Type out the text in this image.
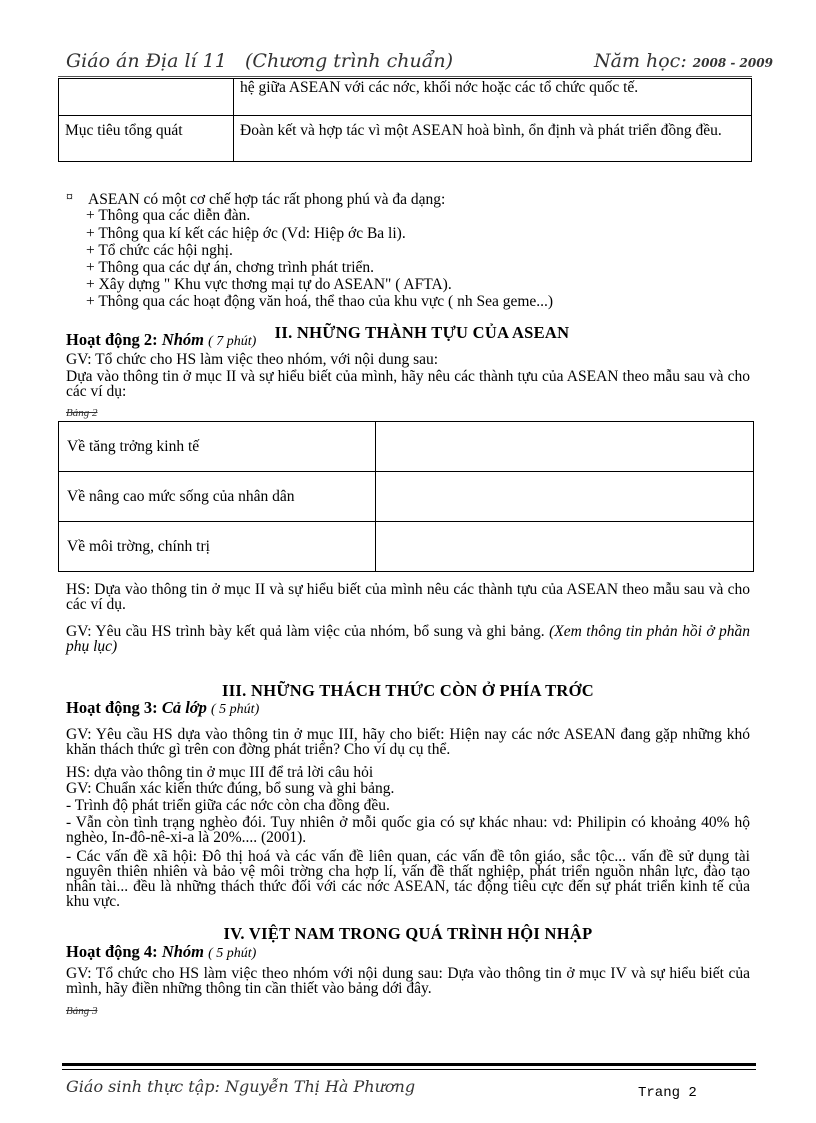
Giáo án Địa lí 11 (Chương trình chuẩn)	Năm học: 2008 - 2009
	hệ giữa ASEAN với các nớc, khối nớc hoặc các tổ chức quốc tế.
Mục tiêu tổng quát	Đoàn kết và hợp tác vì một ASEAN hoà bình, ổn định và phát triển đồng đều.
¤ ASEAN có một cơ chế hợp tác rất phong phú và đa dạng:
+ Thông qua các diễn đàn.
+ Thông qua kí kết các hiệp ớc (Vd: Hiệp ớc Ba li).
+ Tổ chức các hội nghị.
+ Thông qua các dự án, chơng trình phát triển.
+ Xây dựng " Khu vực thơng mại tự do ASEAN" ( AFTA).
+ Thông qua các hoạt động văn hoá, thể thao của khu vực ( nh Sea geme...)
II. NHỮNG THÀNH TỰU CỦA ASEAN
Hoạt động 2: Nhóm ( 7 phút)
GV: Tổ chức cho HS làm việc theo nhóm, với nội dung sau:
Dựa vào thông tin ở mục II và sự hiểu biết của mình, hãy nêu các thành tựu của ASEAN theo mẫu sau và cho các ví dụ:
Bảng 2
Về tăng trởng kinh tế	
Về nâng cao mức sống của nhân dân	
Về môi trờng, chính trị	
HS: Dựa vào thông tin ở mục II và sự hiểu biết của mình nêu các thành tựu của ASEAN theo mẫu sau và cho các ví dụ.
GV: Yêu cầu HS trình bày kết quả làm việc của nhóm, bổ sung và ghi bảng. (Xem thông tin phản hồi ở phần phụ lục)
III. NHỮNG THÁCH THỨC CÒN Ở PHÍA TRỚC
Hoạt động 3: Cả lớp ( 5 phút)
GV: Yêu cầu HS dựa vào thông tin ở mục III, hãy cho biết: Hiện nay các nớc ASEAN đang gặp những khó khăn thách thức gì trên con đờng phát triển? Cho ví dụ cụ thể.
HS: dựa vào thông tin ở mục III để trả lời câu hỏi
GV: Chuẩn xác kiến thức đúng, bổ sung và ghi bảng.
- Trình độ phát triển giữa các nớc còn cha đồng đều.
- Vẫn còn tình trạng nghèo đói. Tuy nhiên ở mỗi quốc gia có sự khác nhau: vd: Philipin có khoảng 40% hộ nghèo, In-đô-nê-xi-a là 20%.... (2001).
- Các vấn đề xã hội: Đô thị hoá và các vấn đề liên quan, các vấn đề tôn giáo, sắc tộc... vấn đề sử dụng tài nguyên thiên nhiên và bảo vệ môi trờng cha hợp lí, vấn đề thất nghiệp, phát triển nguồn nhân lực, đào tạo nhân tài... đều là những thách thức đối với các nớc ASEAN, tác động tiêu cực đến sự phát triển kinh tế của khu vực.
IV. VIỆT NAM TRONG QUÁ TRÌNH HỘI NHẬP
Hoạt động 4: Nhóm ( 5 phút)
GV: Tổ chức cho HS làm việc theo nhóm với nội dung sau: Dựa vào thông tin ở mục IV và sự hiểu biết của mình, hãy điền những thông tin cần thiết vào bảng dới đây.
Bảng 3
Giáo sinh thực tập: Nguyễn Thị Hà Phương	Trang 2
